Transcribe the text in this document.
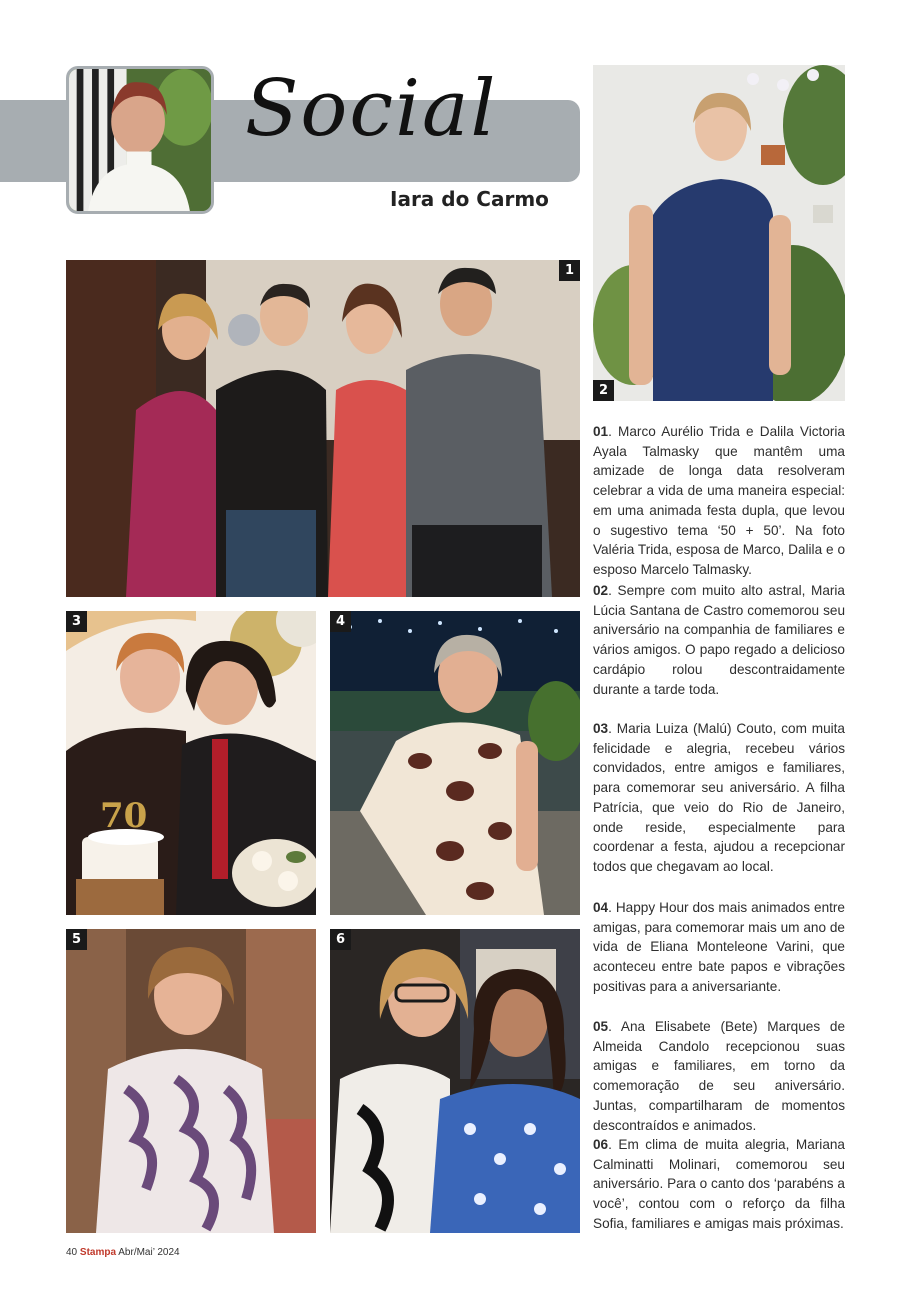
Social
Iara do Carmo
1
2
70
3	4
5	6
01. Marco Aurélio Trida e Dalila Victoria Ayala Talmasky que mantêm uma amizade de longa data resolveram celebrar a vida de uma maneira especial: em uma animada festa dupla, que levou o sugestivo tema ‘50 + 50’. Na foto Valéria Trida, esposa de Marco, Dalila e o esposo Marcelo Talmasky.
02. Sempre com muito alto astral, Maria Lúcia Santana de Castro comemorou seu aniversário na companhia de familiares e vários amigos. O papo regado a delicioso cardápio rolou descontraidamente durante a tarde toda.
03. Maria Luiza (Malú) Couto, com muita felicidade e alegria, recebeu vários convidados, entre amigos e familiares, para comemorar seu aniversário. A filha Patrícia, que veio do Rio de Janeiro, onde reside, especialmente para coordenar a festa, ajudou a recepcionar todos que chegavam ao local.
04. Happy Hour dos mais animados entre amigas, para comemorar mais um ano de vida de Eliana Monteleone Varini, que aconteceu entre bate papos e vibrações positivas para a aniversariante.
05. Ana Elisabete (Bete) Marques de Almeida Candolo recepcionou suas amigas e familiares, em torno da comemoração de seu aniversário. Juntas, compartilharam de momentos descontraídos e animados.
06. Em clima de muita alegria, Mariana Calminatti Molinari, comemorou seu aniversário. Para o canto dos ‘parabéns a você’, contou com o reforço da filha Sofia, familiares e amigas mais próximas.
40 Stampa Abr/Mai’ 2024
